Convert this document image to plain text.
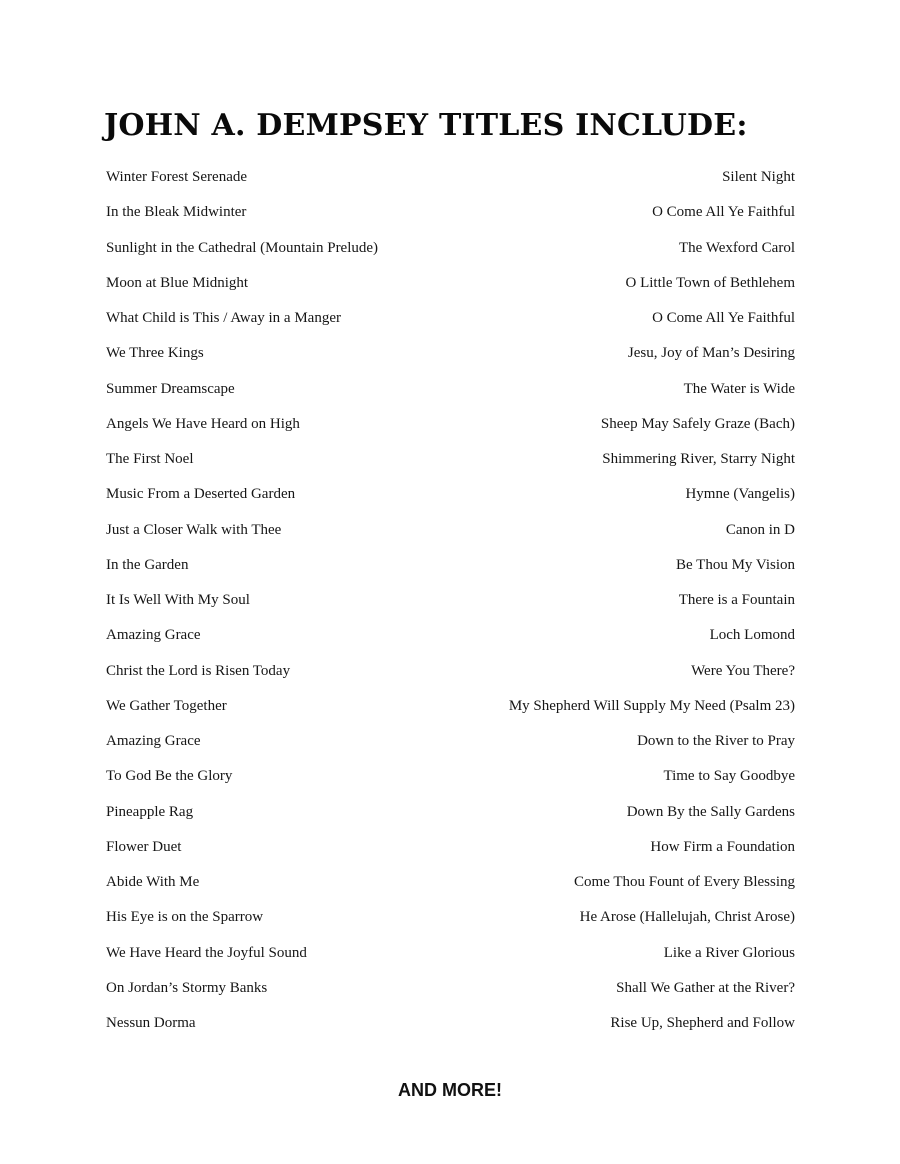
JOHN A. DEMPSEY TITLES INCLUDE:
Winter Forest Serenade	Silent Night
In the Bleak Midwinter	O Come All Ye Faithful
Sunlight in the Cathedral (Mountain Prelude)	The Wexford Carol
Moon at Blue Midnight	O Little Town of Bethlehem
What Child is This / Away in a Manger	O Come All Ye Faithful
We Three Kings	Jesu, Joy of Man’s Desiring
Summer Dreamscape	The Water is Wide
Angels We Have Heard on High	Sheep May Safely Graze (Bach)
The First Noel	Shimmering River, Starry Night
Music From a Deserted Garden	Hymne (Vangelis)
Just a Closer Walk with Thee	Canon in D
In the Garden	Be Thou My Vision
It Is Well With My Soul	There is a Fountain
Amazing Grace	Loch Lomond
Christ the Lord is Risen Today	Were You There?
We Gather Together	My Shepherd Will Supply My Need (Psalm 23)
Amazing Grace	Down to the River to Pray
To God Be the Glory	Time to Say Goodbye
Pineapple Rag	Down By the Sally Gardens
Flower Duet	How Firm a Foundation
Abide With Me	Come Thou Fount of Every Blessing
His Eye is on the Sparrow	He Arose (Hallelujah, Christ Arose)
We Have Heard the Joyful Sound	Like a River Glorious
On Jordan’s Stormy Banks	Shall We Gather at the River?
Nessun Dorma	Rise Up, Shepherd and Follow

AND MORE!
